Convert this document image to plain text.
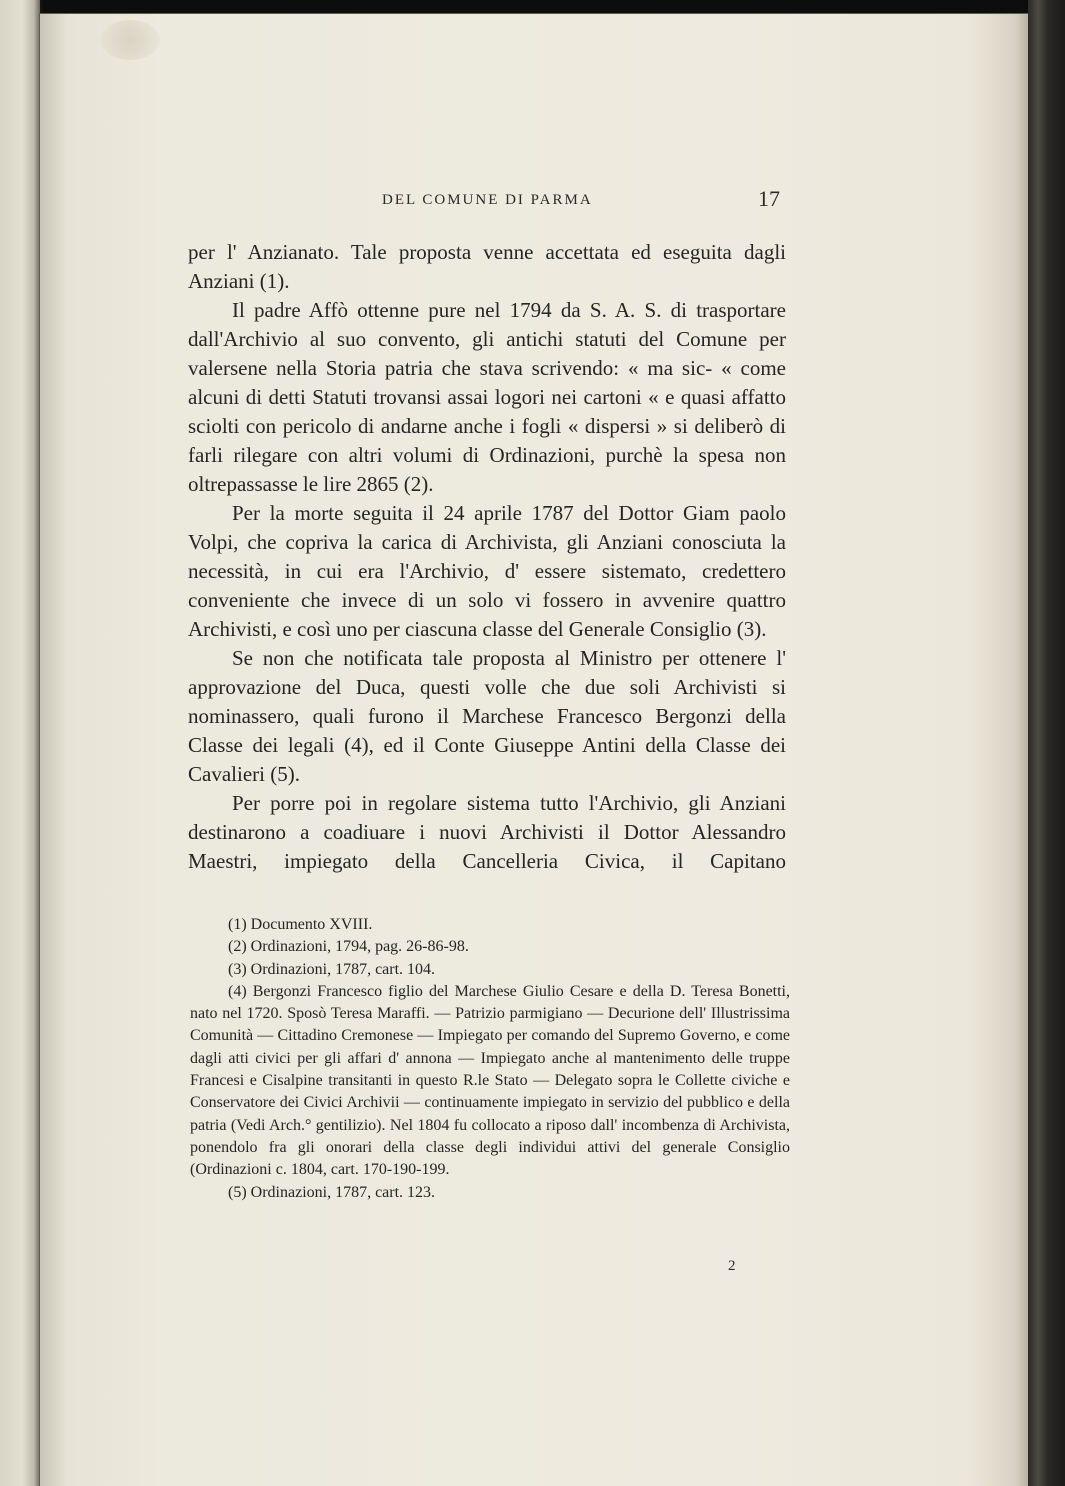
DEL COMUNE DI PARMA	17

per l' Anzianato. Tale proposta venne accettata ed eseguita dagli Anziani (1).

Il padre Affò ottenne pure nel 1794 da S. A. S. di trasportare dall'Archivio al suo convento, gli antichi statuti del Comune per valersene nella Storia patria che stava scrivendo: « ma sic- « come alcuni di detti Statuti trovansi assai logori nei cartoni « e quasi affatto sciolti con pericolo di andarne anche i fogli « dispersi » si deliberò di farli rilegare con altri volumi di Ordinazioni, purchè la spesa non oltrepassasse le lire 2865 (2).

Per la morte seguita il 24 aprile 1787 del Dottor Giam paolo Volpi, che copriva la carica di Archivista, gli Anziani conosciuta la necessità, in cui era l'Archivio, d' essere sistemato, credettero conveniente che invece di un solo vi fossero in avvenire quattro Archivisti, e così uno per ciascuna classe del Generale Consiglio (3).

Se non che notificata tale proposta al Ministro per ottenere l' approvazione del Duca, questi volle che due soli Archivisti si nominassero, quali furono il Marchese Francesco Bergonzi della Classe dei legali (4), ed il Conte Giuseppe Antini della Classe dei Cavalieri (5).

Per porre poi in regolare sistema tutto l'Archivio, gli Anziani destinarono a coadiuare i nuovi Archivisti il Dottor Alessandro Maestri, impiegato della Cancelleria Civica, il Capitano

(1) Documento XVIII.

(2) Ordinazioni, 1794, pag. 26-86-98.

(3) Ordinazioni, 1787, cart. 104.

(4) Bergonzi Francesco figlio del Marchese Giulio Cesare e della D. Teresa Bonetti, nato nel 1720. Sposò Teresa Maraffi. — Patrizio parmigiano — Decurione dell' Illustrissima Comunità — Cittadino Cremonese — Impiegato per comando del Supremo Governo, e come dagli atti civici per gli affari d' annona — Impiegato anche al mantenimento delle truppe Francesi e Cisalpine transitanti in questo R.le Stato — Delegato sopra le Collette civiche e Conservatore dei Civici Archivii — continuamente impiegato in servizio del pubblico e della patria (Vedi Arch.° gentilizio). Nel 1804 fu collocato a riposo dall' incombenza di Archivista, ponendolo fra gli onorari della classe degli individui attivi del generale Consiglio (Ordinazioni c. 1804, cart. 170-190-199.

(5) Ordinazioni, 1787, cart. 123.

2
